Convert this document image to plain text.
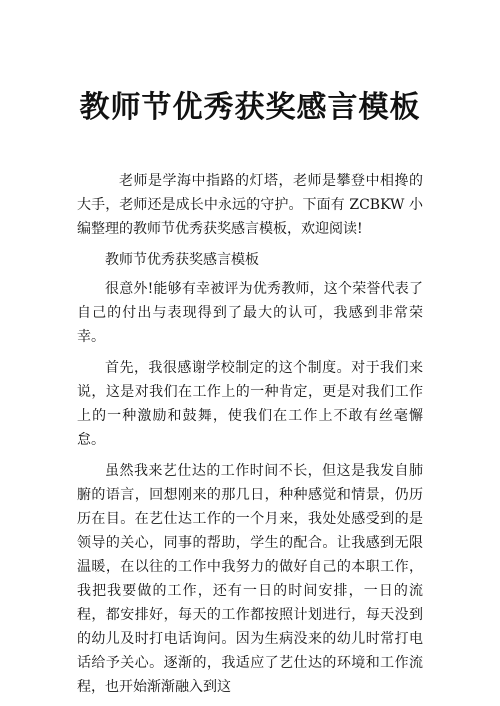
教师节优秀获奖感言模板

老师是学海中指路的灯塔，老师是攀登中相搀的大手，老师还是成长中永远的守护。下面有 ZCBKW 小编整理的教师节优秀获奖感言模板，欢迎阅读!

教师节优秀获奖感言模板

很意外!能够有幸被评为优秀教师，这个荣誉代表了自己的付出与表现得到了最大的认可，我感到非常荣幸。

首先，我很感谢学校制定的这个制度。对于我们来说，这是对我们在工作上的一种肯定，更是对我们工作上的一种激励和鼓舞，使我们在工作上不敢有丝毫懈怠。

虽然我来艺仕达的工作时间不长，但这是我发自肺腑的语言，回想刚来的那几日，种种感觉和情景，仍历历在目。在艺仕达工作的一个月来，我处处感受到的是领导的关心，同事的帮助，学生的配合。让我感到无限温暖，在以往的工作中我努力的做好自己的本职工作，我把我要做的工作，还有一日的时间安排，一日的流程，都安排好，每天的工作都按照计划进行，每天没到的幼儿及时打电话询问。因为生病没来的幼儿时常打电话给予关心。逐渐的，我适应了艺仕达的环境和工作流程，也开始渐渐融入到这
